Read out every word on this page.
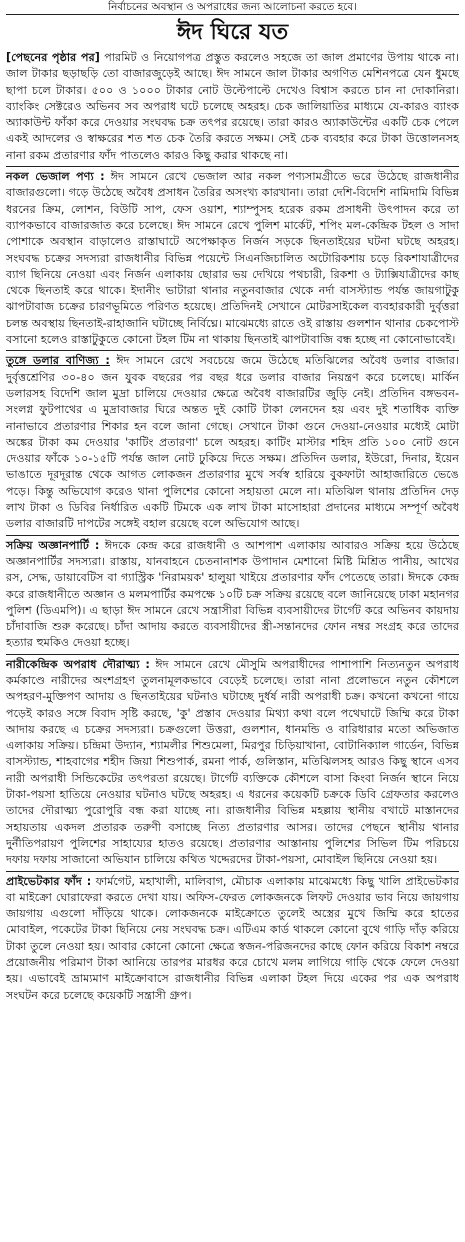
নির্বাচনের অবস্থান ও অপরাধের জন্য আলোচনা করতে হবে।
ঈদ ঘিরে যত

[পেছনের পৃষ্ঠার পর] পারমিট ও নিয়োগপত্র প্রস্তুত করলেও সহজে তা জাল প্রমাণের উপায় থাকে না। জাল টাকার ছড়াছড়ি তো বাজারজুড়েই আছে। ঈদ সামনে জাল টাকার অগণিত মেশিনপত্রে যেন ধুমছে ছাপা চলে টাকার। ৫০০ ও ১০০০ টাকার নোট উল্টেপাল্টে দেখেও বিশ্বাস করতে চান না দোকানিরা। ব্যাংকিং সেক্টরেও অভিনব সব অপরাধ ঘটে চলেছে অহরহ। চেক জালিয়াতির মাধ্যমে যে-কারও ব্যাংক অ্যাকাউন্ট ফাঁকা করে দেওয়ার সংঘবদ্ধ চক্র তৎপর রয়েছে। তারা কারও অ্যাকাউন্টের একটি চেক পেলে একই আদলের ও স্বাক্ষরের শত শত চেক তৈরি করতে সক্ষম। সেই চেক ব্যবহার করে টাকা উত্তোলনসহ নানা রকম প্রতারণার ফাঁদ পাতলেও কারও কিছু করার থাকছে না।

নকল ভেজাল পণ্য : ঈদ সামনে রেখে ভেজাল আর নকল পণ্যসামগ্রীতে ভরে উঠেছে রাজধানীর বাজারগুলো। গড়ে উঠেছে অবৈধ প্রসাধন তৈরির অসংখ্য কারখানা। তারা দেশি-বিদেশি নামিদামি বিভিন্ন ধরনের ক্রিম, লোশন, বিউটি সাপ, ফেস ওয়াশ, শ্যাম্পুসহ হরেক রকম প্রসাধনী উৎপাদন করে তা ব্যাপকভাবে বাজারজাত করে চলেছে। ঈদ সামনে রেখে পুলিশ মার্কেট, শপিং মল-কেন্দ্রিক টহল ও সাদা পোশাকে অবস্থান বাড়ালেও রাস্তাঘাটে অপেক্ষাকৃত নির্জন সড়কে ছিনতাইয়ের ঘটনা ঘটছে অহরহ। সংঘবদ্ধ চক্রের সদস্যরা রাজধানীর বিভিন্ন পয়েন্টে সিএনজিচালিত অটোরিকশায় চড়ে রিকশাযাত্রীদের ব্যাগ ছিনিয়ে নেওয়া এবং নির্জন এলাকায় ছোরার ভয় দেখিয়ে পথচারী, রিকশা ও ট্যাক্সিযাত্রীদের কাছ থেকে ছিনতাই করে থাকে। ইদানীং ভাটারা থানার নতুনবাজার থেকে নর্দা বাসস্ট্যান্ড পর্যন্ত জায়গাটুকু ঝাপটাবাজ চক্রের চারণভূমিতে পরিণত হয়েছে। প্রতিদিনই সেখানে মোটরসাইকেল ব্যবহারকারী দুর্বৃত্তরা চলন্ত অবস্থায় ছিনতাই-রাহাজানি ঘটাচ্ছে নির্বিঘ্নে। মাঝেমধ্যে রাতে ওই রাস্তায় গুলশান থানার চেকপোস্ট বসানো হলেও রাস্তাটুকুতে কোনো টহল টিম না থাকায় ছিনতাই ঝাপটাবাজি বন্ধ হচ্ছে না কোনোভাবেই।

তুঙ্গে ডলার বাণিজ্য : ঈদ সামনে রেখে সবচেয়ে জমে উঠেছে মতিঝিলের অবৈধ ডলার বাজার। দুর্বৃত্তশ্রেণির ৩০-৪০ জন যুবক বছরের পর বছর ধরে ডলার বাজার নিয়ন্ত্রণ করে চলেছে। মার্কিন ডলারসহ বিদেশি জাল মুদ্রা চালিয়ে দেওয়ার ক্ষেত্রে অবৈধ বাজারটির জুড়ি নেই। প্রতিদিন বঙ্গভবন-সংলগ্ন ফুটপাথের এ মুদ্রাবাজার ঘিরে অন্তত দুই কোটি টাকা লেনদেন হয় এবং দুই শতাধিক ব্যক্তি নানাভাবে প্রতারণার শিকার হন বলে জানা গেছে। সেখানে টাকা গুনে দেওয়া-নেওয়ার মধ্যেই মোটা অঙ্কের টাকা কম দেওয়ার 'কাটিং প্রতারণা' চলে অহরহ। কাটিং মাস্টার শহিদ প্রতি ১০০ নোট গুনে দেওয়ার ফাঁকে ১০-১৫টি পর্যন্ত জাল নোট ঢুকিয়ে দিতে সক্ষম। প্রতিদিন ডলার, ইউরো, দিনার, ইয়েন ভাঙাতে দূরদূরান্ত থেকে আগত লোকজন প্রতারণার মুখে সর্বস্ব হারিয়ে বুকফাটা আহাজারিতে ভেঙে পড়ে। কিন্তু অভিযোগ করেও থানা পুলিশের কোনো সহায়তা মেলে না। মতিঝিল থানায় প্রতিদিন দেড় লাখ টাকা ও ডিবির নির্ধারিত একটি টিমকে এক লাখ টাকা মাসোহারা প্রদানের মাধ্যমে সম্পূর্ণ অবৈধ ডলার বাজারটি দাপটের সঙ্গেই বহাল রয়েছে বলে অভিযোগ আছে।

সক্রিয় অজ্ঞানপার্টি : ঈদকে কেন্দ্র করে রাজধানী ও আশপাশ এলাকায় আবারও সক্রিয় হয়ে উঠেছে অজ্ঞানপার্টির সদস্যরা। রাস্তায়, যানবাহনে চেতনানাশক উপাদান মেশানো মিষ্টি মিশ্রিত পানীয়, আখের রস, সেদ্ধ, ডায়াবেটিস বা গ্যাস্ট্রিক 'নিরাময়ক' হালুয়া খাইয়ে প্রতারণার ফাঁদ পেতেছে তারা। ঈদকে কেন্দ্র করে রাজধানীতে অজ্ঞান ও মলমপার্টির কমপক্ষে ১০টি চক্র সক্রিয় রয়েছে বলে জানিয়েছে ঢাকা মহানগর পুলিশ (ডিএমপি)। এ ছাড়া ঈদ সামনে রেখে সন্ত্রাসীরা বিভিন্ন ব্যবসায়ীদের টার্গেট করে অভিনব কায়দায় চাঁদাবাজি শুরু করেছে। চাঁদা আদায় করতে ব্যবসায়ীদের স্ত্রী-সন্তানদের ফোন নম্বর সংগ্রহ করে তাদের হত্যার হুমকিও দেওয়া হচ্ছে।

নারীকেন্দ্রিক অপরাধ দৌরাত্ম্য : ঈদ সামনে রেখে মৌসুমি অপরাধীদের পাশাপাশি নিত্যনতুন অপরাধ কর্মকাণ্ডে নারীদের অংশগ্রহণ তুলনামূলকভাবে বেড়েই চলেছে। তারা নানা প্রলোভনে নতুন কৌশলে অপহরণ-মুক্তিপণ আদায় ও ছিনতাইয়ের ঘটনাও ঘটাচ্ছে দুর্ধর্ষ নারী অপরাধী চক্র। কখনো কখনো গায়ে পড়েই কারও সঙ্গে বিবাদ সৃষ্টি করছে, 'কু' প্রস্তাব দেওয়ার মিথ্যা কথা বলে পথেঘাটে জিম্মি করে টাকা আদায় করছে এ চক্রের সদস্যরা। চক্রগুলো উত্তরা, গুলশান, ধানমন্ডি ও বারিধারার মতো অভিজাত এলাকায় সক্রিয়। চন্দ্রিমা উদ্যান, শ্যামলীর শিশুমেলা, মিরপুর চিড়িয়াখানা, বোটানিক্যাল গার্ডেন, বিভিন্ন বাসস্ট্যান্ড, শাহবাগের শহীদ জিয়া শিশুপার্ক, রমনা পার্ক, গুলিস্তান, মতিঝিলসহ আরও কিছু স্থানে এসব নারী অপরাধী সিন্ডিকেটের তৎপরতা রয়েছে। টার্গেট ব্যক্তিকে কৌশলে বাসা কিংবা নির্জন স্থানে নিয়ে টাকা-পয়সা হাতিয়ে নেওয়ার ঘটনাও ঘটছে অহরহ। এ ধরনের কয়েকটি চক্রকে ডিবি গ্রেফতার করলেও তাদের দৌরাত্ম্য পুরোপুরি বন্ধ করা যাচ্ছে না। রাজধানীর বিভিন্ন মহল্লায় স্থানীয় বখাটে মাস্তানদের সহায়তায় একদল প্রতারক তরুণী বসাচ্ছে নিত্য প্রতারণার আসর। তাদের পেছনে স্থানীয় থানার দুর্নীতিপরায়ণ পুলিশের সাহায্যের হাতও রয়েছে। প্রতারণার আস্তানায় পুলিশের সিভিল টিম পরিচয়ে দফায় দফায় সাজানো অভিযান চালিয়ে কথিত খদ্দেরদের টাকা-পয়সা, মোবাইল ছিনিয়ে নেওয়া হয়।

প্রাইভেটকার ফাঁদ : ফার্মগেট, মহাখালী, মালিবাগ, মৌচাক এলাকায় মাঝেমধ্যে কিছু খালি প্রাইভেটকার বা মাইক্রো ঘোরাফেরা করতে দেখা যায়। অফিস-ফেরত লোকজনকে লিফট দেওয়ার ভাব নিয়ে জায়গায় জায়গায় এগুলো দাঁড়িয়ে থাকে। লোকজনকে মাইক্রোতে তুলেই অস্ত্রের মুখে জিম্মি করে হাতের মোবাইল, পকেটের টাকা ছিনিয়ে নেয় সংঘবদ্ধ চক্র। এটিএম কার্ড থাকলে কোনো বুথে গাড়ি দাঁড় করিয়ে টাকা তুলে নেওয়া হয়। আবার কোনো কোনো ক্ষেত্রে স্বজন-পরিজনদের কাছে ফোন করিয়ে বিকাশ নম্বরে প্রয়োজনীয় পরিমাণ টাকা আনিয়ে তারপর মারধর করে চোখে মলম লাগিয়ে গাড়ি থেকে ফেলে দেওয়া হয়। এভাবেই ভ্রাম্যমাণ মাইক্রোবাসে রাজধানীর বিভিন্ন এলাকা টহল দিয়ে একের পর এক অপরাধ সংঘটন করে চলেছে কয়েকটি সন্ত্রাসী গ্রুপ।
